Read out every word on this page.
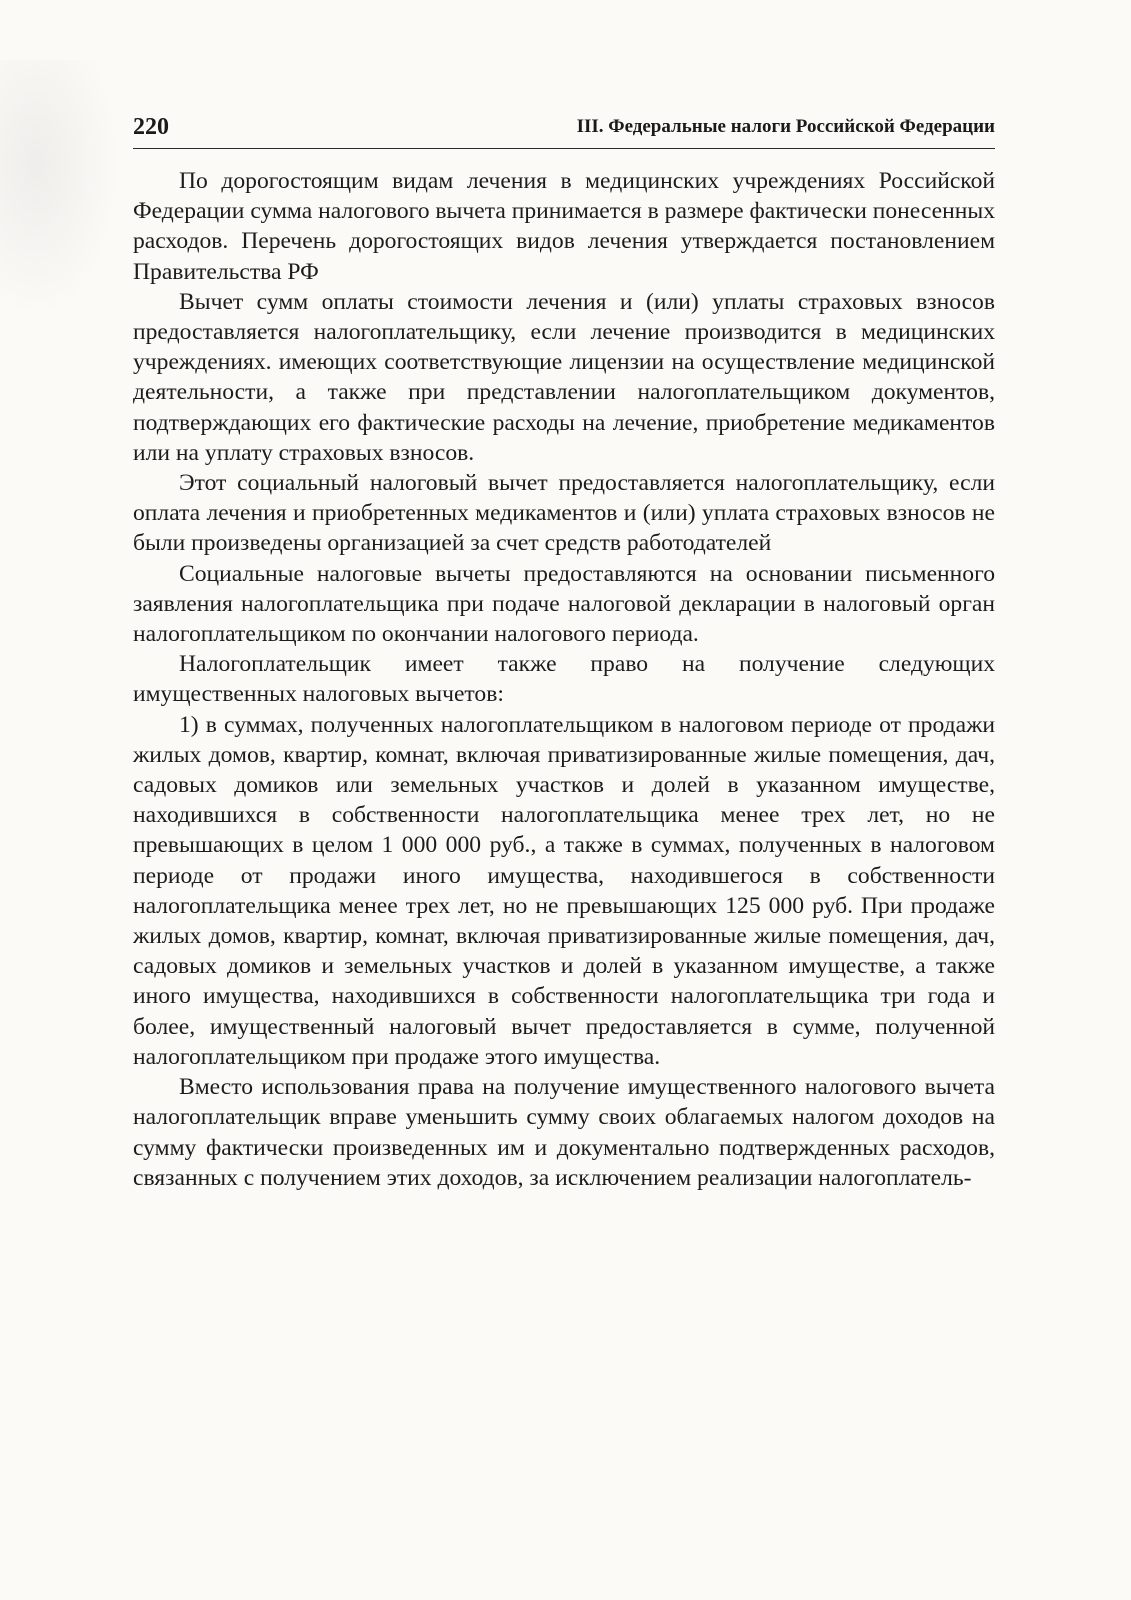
220	III. Федеральные налоги Российской Федерации

По дорогостоящим видам лечения в медицинских учреждениях Российской Федерации сумма налогового вычета принимается в размере фактически понесенных расходов. Перечень дорогостоящих видов лечения утверждается постановлением Правительства РФ

Вычет сумм оплаты стоимости лечения и (или) уплаты страховых взносов предоставляется налогоплательщику, если лечение производится в медицинских учреждениях. имеющих соответствующие лицензии на осуществление медицинской деятельности, а также при представлении налогоплательщиком документов, подтверждающих его фактические расходы на лечение, приобретение медикаментов или на уплату страховых взносов.

Этот социальный налоговый вычет предоставляется налогоплательщику, если оплата лечения и приобретенных медикаментов и (или) уплата страховых взносов не были произведены организацией за счет средств работодателей

Социальные налоговые вычеты предоставляются на основании письменного заявления налогоплательщика при подаче налоговой декларации в налоговый орган налогоплательщиком по окончании налогового периода.

Налогоплательщик имеет также право на получение следующих имущественных налоговых вычетов:

1) в суммах, полученных налогоплательщиком в налоговом периоде от продажи жилых домов, квартир, комнат, включая приватизированные жилые помещения, дач, садовых домиков или земельных участков и долей в указанном имуществе, находившихся в собственности налогоплательщика менее трех лет, но не превышающих в целом 1 000 000 руб., а также в суммах, полученных в налоговом периоде от продажи иного имущества, находившегося в собственности налогоплательщика менее трех лет, но не превышающих 125 000 руб. При продаже жилых домов, квартир, комнат, включая приватизированные жилые помещения, дач, садовых домиков и земельных участков и долей в указанном имуществе, а также иного имущества, находившихся в собственности налогоплательщика три года и более, имущественный налоговый вычет предоставляется в сумме, полученной налогоплательщиком при продаже этого имущества.

Вместо использования права на получение имущественного налогового вычета налогоплательщик вправе уменьшить сумму своих облагаемых налогом доходов на сумму фактически произведенных им и документально подтвержденных расходов, связанных с получением этих доходов, за исключением реализации налогоплатель-
